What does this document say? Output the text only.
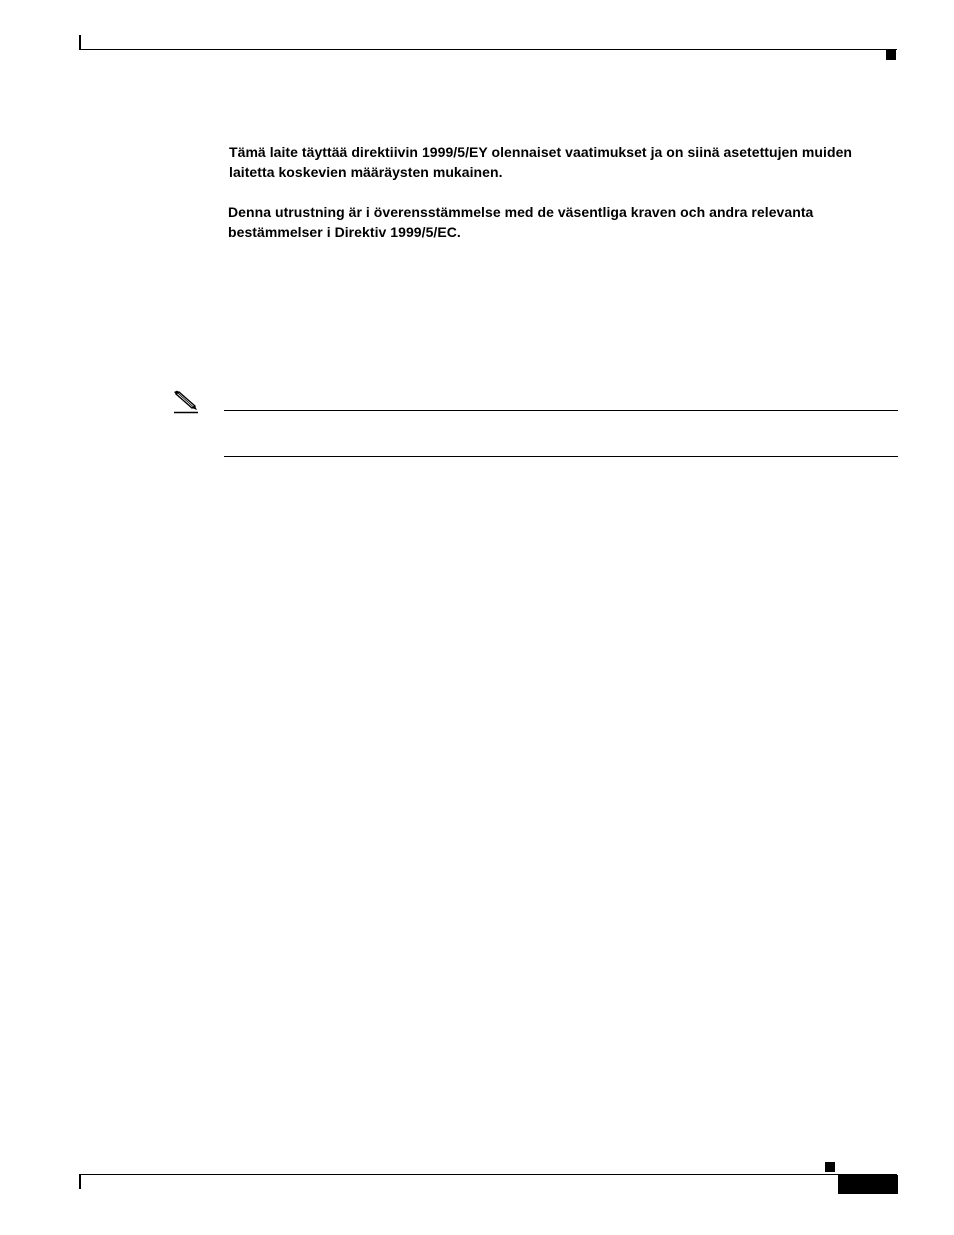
Tämä laite täyttää direktiivin 1999/5/EY olennaiset vaatimukset ja on siinä asetettujen muiden laitetta koskevien määräysten mukainen.

Denna utrustning är i överensstämmelse med de väsentliga kraven och andra relevanta bestämmelser i Direktiv 1999/5/EC.
